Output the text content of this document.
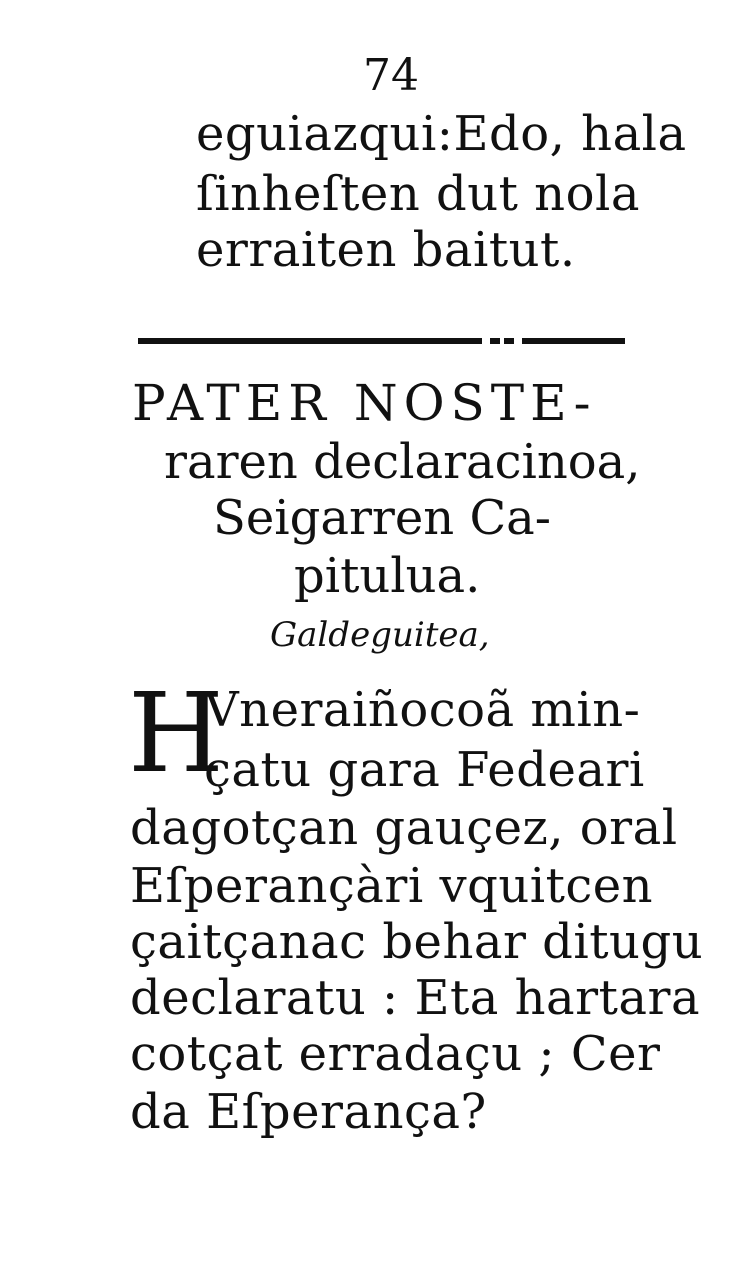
74
eguiazqui:Edo, hala
ſinheſten dut nola
erraiten baitut.
PATER NOSTE-
raren declaracinoa,
Seigarren Ca-
pitulua.
Galdeguitea,
H
Vneraiñocoã min-
çatu gara Fedeari
dagotçan gauçez, oral
Eſperançàri vquitcen
çaitçanac behar ditugu
declaratu : Eta hartara
cotçat erradaçu ; Cer
da Eſperança?
